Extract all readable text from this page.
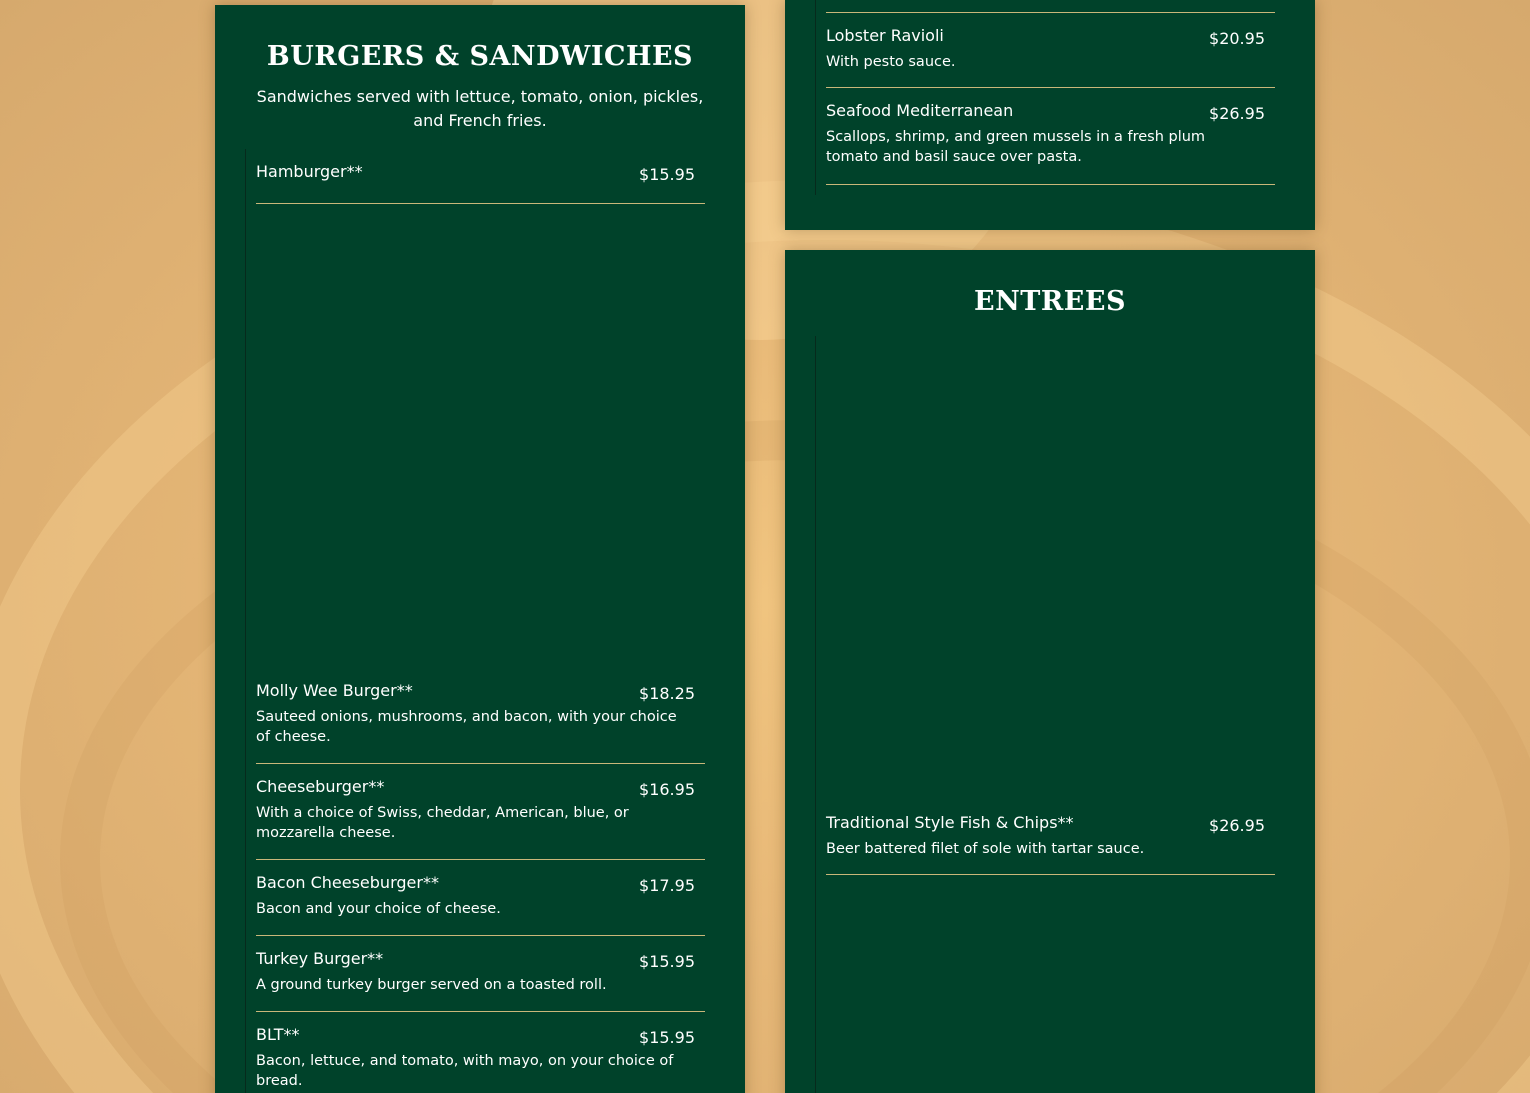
BURGERS & SANDWICHES

Sandwiches served with lettuce, tomato, onion, pickles, and French fries.

Hamburger**	$15.95
Molly Wee Burger**	$18.25
Sauteed onions, mushrooms, and bacon, with your choice of cheese.
Cheeseburger**	$16.95
With a choice of Swiss, cheddar, American, blue, or mozzarella cheese.
Bacon Cheeseburger**	$17.95
Bacon and your choice of cheese.
Turkey Burger**	$15.95
A ground turkey burger served on a toasted roll.
BLT**	$15.95
Bacon, lettuce, and tomato, with mayo, on your choice of bread.
Lobster Ravioli	$20.95
With pesto sauce.
Seafood Mediterranean	$26.95
Scallops, shrimp, and green mussels in a fresh plum tomato and basil sauce over pasta.
ENTREES
Traditional Style Fish & Chips**	$26.95
Beer battered filet of sole with tartar sauce.
